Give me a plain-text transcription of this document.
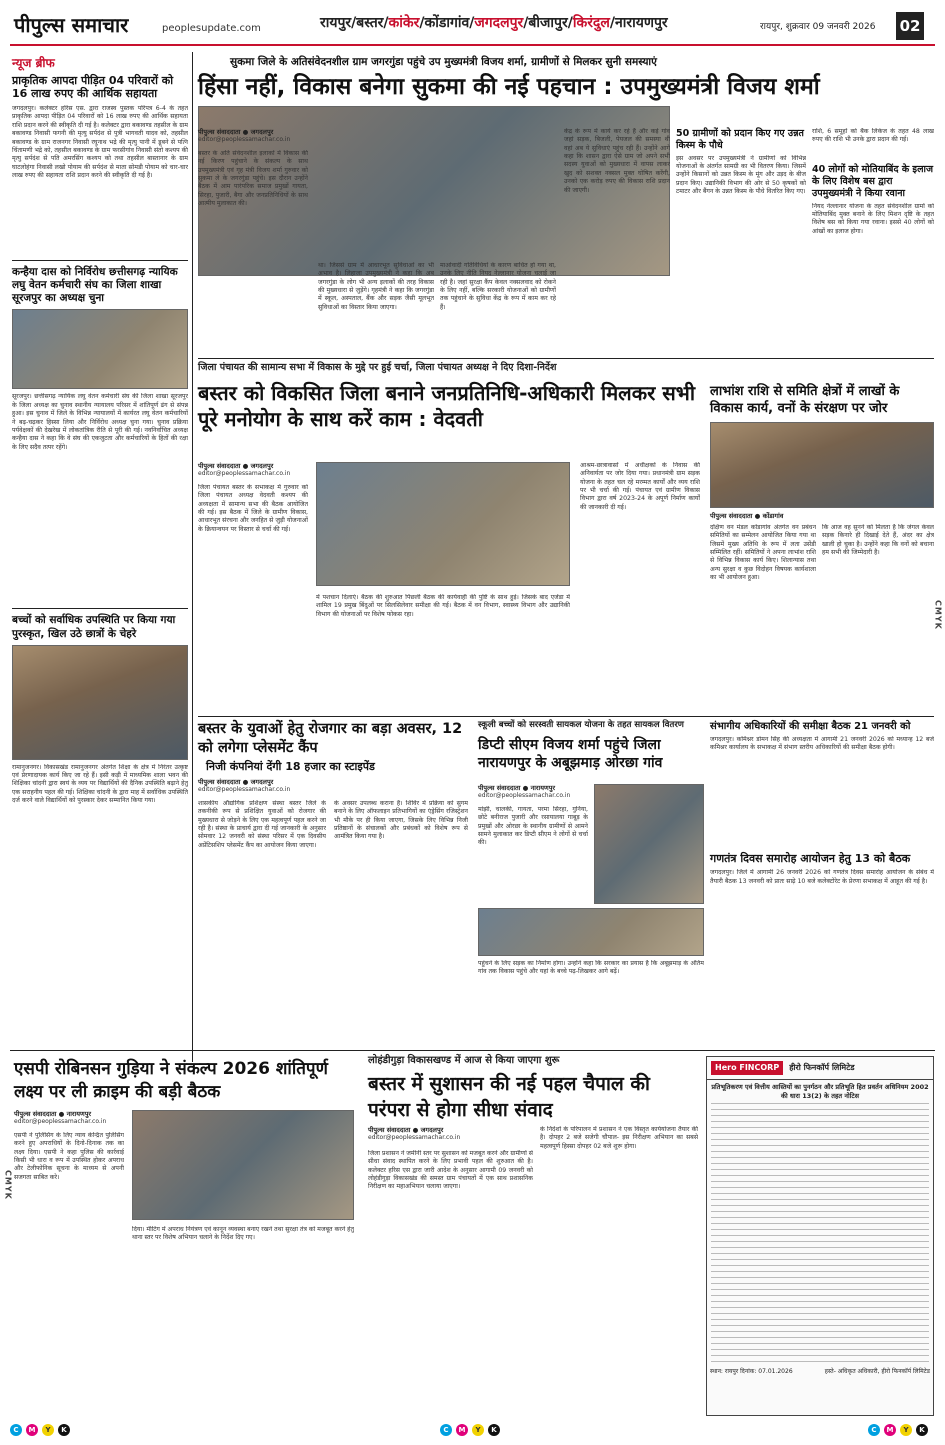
पीपुल्स समाचार	peoplesupdate.com	रायपुर/बस्तर/कांकेर/कोंडागांव/जगदलपुर/बीजापुर/किरंदुल/नारायणपुर	रायपुर, शुक्रवार 09 जनवरी 2026 02
न्यूज ब्रीफ
प्राकृतिक आपदा पीड़ित 04 परिवारों को 16 लाख रुपए की आर्थिक सहायता
जगदलपुर। कलेक्टर हरिस एस. द्वारा राजस्व पुस्तक परिपत्र 6-4 के तहत प्राकृतिक आपदा पीड़ित 04 परिवारों को 16 लाख रुपए की आर्थिक सहायता राशि प्रदान करने की स्वीकृति दी गई है। कलेक्टर द्वारा बकावण्ड तहसील के ग्राम बकावण्ड निवासी फगनी की मृत्यु सर्पदंश से पुत्री भागवती यादव को, तहसील बकावण्ड के ग्राम राजनगर निवासी रघुनाथ भद्रे की मृत्यु पानी में डूबने से पत्नि चिंतामणी भद्रे को, तहसील बकावण्ड के ग्राम फरसीगांव निवासी संतो कश्यप की मृत्यु सर्पदंश से पति अमरसिंग कश्यप को तथा तहसील बास्तानार के ग्राम घाटलोहंगा निवासी लखो पोयाम की सर्पदंश से माता सोमडी पोयाम को चार-चार लाख रुपए की सहायता राशि प्रदान करने की स्वीकृति दी गई है।
कन्हैया दास को निर्विरोध छत्तीसगढ़ न्यायिक लघु वेतन कर्मचारी संघ का जिला शाखा सूरजपुर का अध्यक्ष चुना
सूरजपुर। छत्तीसगढ़ न्यायिक लघु वेतन कर्मचारी संघ की जिला शाखा सूरजपुर के जिला अध्यक्ष का चुनाव स्थानीय न्यायालय परिसर में शांतिपूर्ण ढंग से संपन्न हुआ। इस चुनाव में जिले के विभिन्न न्यायालयों में कार्यरत लघु वेतन कर्मचारियों ने बढ़-चढ़कर हिस्सा लिया और निर्विरोध अध्यक्ष चुना गया। चुनाव प्रक्रिया पर्यवेक्षकों की देखरेख में लोकतांत्रिक रीति से पूरी की गई। नवनिर्वाचित अध्यक्ष कन्हैया दास ने कहा कि वे संघ की एकजुटता और कर्मचारियों के हितों की रक्षा के लिए सदैव तत्पर रहेंगे।
बच्चों को सर्वाधिक उपस्थिति पर किया गया पुरस्कृत, खिल उठे छात्रों के चेहरे
रामानुजनगर। विकासखंड रामानुजनगर अंतर्गत शिक्षा के क्षेत्र में निरंतर उत्कृष्ट एवं प्रेरणादायक कार्य किए जा रहे हैं। इसी कड़ी में माध्यमिक शाला भवन की शिक्षिका चांदनी द्वारा स्वयं के व्यय पर विद्यार्थियों की दैनिक उपस्थिति बढ़ाने हेतु एक सराहनीय पहल की गई। शिक्षिका चांदनी के द्वारा माह में सर्वाधिक उपस्थिति दर्ज करने वाले विद्यार्थियों को पुरस्कार देकर सम्मानित किया गया।
सुकमा जिले के अतिसंवेदनशील ग्राम जगरगुंडा पहुंचे उप मुख्यमंत्री विजय शर्मा, ग्रामीणों से मिलकर सुनी समस्याएं
हिंसा नहीं, विकास बनेगा सुकमा की नई पहचान : उपमुख्यमंत्री विजय शर्मा
पीपुल्स संवाददाता ● जगदलपुर
editor@peoplessamachar.co.in
बस्तर के अति संवेदनशील इलाकों में विकास की नई किरण पहुंचाने के संकल्प के साथ उपमुख्यमंत्री एवं गृह मंत्री विजय शर्मा गुरुवार को सुकमा ले के जगरगुंडा पहुंचे। इस दौरान उन्होंने बैठक में आम पारंपरिक समाज प्रमुखों गायता, सिरहा, पुजारी, बैगा और जनप्रतिनिधियों के साथ आत्मीय मुलाकात की।
था। जिससे ग्राम में आधारभूत सुविधाओं का भी अभाव है। लिहाजा उपमुख्यमंत्री ने कहा कि अब जगरगुंडा के लोग भी अन्य इलाकों की तरह विकास की मुख्यधारा से जुड़ेंगे। गृहमंत्री ने कहा कि जगरगुंडा में स्कूल, अस्पताल, बैंक और सड़क जैसी मूलभूत सुविधाओं का विस्तार किया जाएगा।
माओवादी गतिविधियों के कारण बाधित हो गया था, उनके लिए नीति नियद नेल्लानार योजना चलाई जा रही है। जहां सुरक्षा कैंप केवल नक्सलवाद को रोकने के लिए नहीं, बल्कि सरकारी योजनाओं को ग्रामीणों तक पहुंचाने के सुविधा केंद्र के रूप में काम कर रहे हैं।
केंद्र के रूप में कार्य कर रहे हैं और कई गांव जहां सड़क, बिजली, पेयजल की समस्या थी वहां अब ये सुविधाएं पहुंच रही हैं। उन्होंने आगे कहा कि शासन द्वारा ऐसे ग्राम जो अपने सभी सदस्य युवाओं को मुख्यधारा में वापस लाकर खुद को सशक्त नक्सल मुक्त घोषित करेंगी, उनको एक करोड़ रुपए की विकास राशि प्रदान की जाएगी।
50 ग्रामीणों को प्रदान किए गए उन्नत किस्म के पौधे
इस अवसर पर उपमुख्यमंत्री ने ग्रामीणों को विभिन्न योजनाओं के अंतर्गत सामग्री का भी वितरण किया। जिसमें उन्होंने किसानों को उन्नत किस्म के मूंग और उड़द के बीज प्रदान किए। उद्यानिकी विभाग की ओर से 50 कृषकों को टमाटर और बैंगन के उन्नत किस्म के पौधे वितरित किए गए।
राशि, 6 समूहों को बैंक लिंकेज के तहत 48 लाख रुपए की राशि भी उनके द्वारा प्रदान की गई।
40 लोगों को मोतियाबिंद के इलाज के लिए विशेष बस द्वारा उपमुख्यमंत्री ने किया रवाना
नियद नेल्लानार योजना के तहत संवेदनशील ग्रामों को मोतियाबिंद मुक्त बनाने के लिए मिशन दृष्टि के तहत विशेष बस को किया गया रवाना। इससे 40 लोगों को आंखों का इलाज होगा।
जिला पंचायत की सामान्य सभा में विकास के मुद्दे पर हुई चर्चा, जिला पंचायत अध्यक्ष ने दिए दिशा-निर्देश
बस्तर को विकसित जिला बनाने जनप्रतिनिधि-अधिकारी मिलकर सभी पूरे मनोयोग के साथ करें काम : वेदवती
पीपुल्स संवाददाता ● जगदलपुर
editor@peoplessamachar.co.in
जिला पंचायत बस्तर के सभाकक्ष में गुरुवार को जिला पंचायत अध्यक्ष वेदवती कश्यप की अध्यक्षता में सामान्य सभा की बैठक आयोजित की गई। इस बैठक में जिले के ग्रामीण विकास, आधारभूत संरचना और जनहित से जुड़ी योजनाओं के क्रियान्वयन पर विस्तार से चर्चा की गई।
में पशचान दिलाएं। बैठक की शुरुआत पिछली बैठक की कार्यवाही की पुष्टि के साथ हुई। जिसके बाद एजेंडा में शामिल 19 प्रमुख बिंदुओं पर सिलसिलेवार समीक्षा की गई। बैठक में वन विभाग, स्वास्थ्य विभाग और उद्यानिकी विभाग की योजनाओं पर विशेष फोकस रहा।
आश्रम-छात्रावासों में अधीक्षकों के निवास की अनिवार्यता पर जोर दिया गया। प्रधानमंत्री ग्राम सड़क योजना के तहत चल रहे मरम्मत कार्यों और व्यय राशि पर भी चर्चा की गई। पंचायत एवं ग्रामीण विकास विभाग द्वारा वर्ष 2023-24 के अपूर्ण निर्माण कार्यों की जानकारी दी गई।
लाभांश राशि से समिति क्षेत्रों में लाखों के विकास कार्य, वनों के संरक्षण पर जोर
पीपुल्स संवाददाता ● कोंडागांव
दक्षिण वन मंडल कोंडागांव अंतर्गत वन प्रबंधन समितियों का सम्मेलन आयोजित किया गया था जिसमें मुख्य अतिथि के रूप में लता उसेंडी सम्मिलित रहीं। समितियों ने अपना लाभांश राशि से विभिन्न विकास कार्य किए। शिलान्यास तथा अन्य सुरक्षा व कुछ विदोहन विषयक कार्यशाला का भी आयोजन हुआ।
कि आज वह सुनने को मिलता है कि जंगल केवल सड़क किनारे ही दिखाई देते हैं, अंदर का क्षेत्र खाली हो चुका है। उन्होंने कहा कि वनों को बचाना हम सभी की जिम्मेदारी है।
बस्तर के युवाओं हेतु रोजगार का बड़ा अवसर, 12 को लगेगा प्लेसमेंट कैंप
निजी कंपनियां देंगी 18 हजार का स्टाइपेंड
पीपुल्स संवाददाता ● जगदलपुर
editor@peoplessamachar.co.in
शासकीय औद्योगिक प्रशिक्षण संस्था बस्तर जिले के तकनीकी रूप से प्रशिक्षित युवाओं को रोजगार की मुख्यधारा से जोड़ने के लिए एक महत्वपूर्ण पहल करने जा रही है। संस्था के प्राचार्य द्वारा दी गई जानकारी के अनुसार सोमवार 12 जनवरी को संस्था परिसर में एक दिवसीय अप्रेंटिसशिप प्लेसमेंट कैंप का आयोजन किया जाएगा।
के अवसर उपलब्ध कराना है। शिविर में प्रक्रिया को सुगम बनाने के लिए ऑफलाइन प्रतिभागियों का एंड्रेसिंग रजिस्ट्रेशन भी मौके पर ही किया जाएगा, जिसके लिए विभिन्न निजी प्रतिष्ठानों के संचालकों और प्रबंधकों को विशेष रूप से आमंत्रित किया गया है।
स्कूली बच्चों को सरस्वती सायकल योजना के तहत सायकल वितरण
डिप्टी सीएम विजय शर्मा पहुंचे जिला नारायणपुर के अबूझमाड़ ओरछा गांव
पीपुल्स संवाददाता ● नारायणपुर
editor@peoplessamachar.co.in
मांझी, चालकी, गायता, परमा सिरहा, गुनिया, छोटे बनीराज पुजारी और रसायालया गाबूड़ के प्रमुखों और ओरछा के स्थानीय ग्रामीणों से आमने सामने मुलाकात कर डिप्टी सीएम ने लोगों से चर्चा की।
पहुंचने के लिए सड़क का निर्माण होगा। उन्होंने कहा कि सरकार का प्रयास है कि अबूझमाड़ के अंतिम गांव तक विकास पहुंचे और यहां के बच्चे पढ़-लिखकर आगे बढ़ें।
संभागीय अधिकारियों की समीक्षा बैठक 21 जनवरी को
जगदलपुर। कमिश्नर डोमन सिंह की अध्यक्षता में आगामी 21 जनवरी 2026 को मध्यान्ह 12 बजे कमिश्नर कार्यालय के सभाकक्ष में संभाग स्तरीय अधिकारियों की समीक्षा बैठक होगी।
गणतंत्र दिवस समारोह आयोजन हेतु 13 को बैठक
जगदलपुर। जिले में आगामी 26 जनवरी 2026 को गणतंत्र दिवस समारोह आयोजन के संबंध में तैयारी बैठक 13 जनवरी को प्रातः साढ़े 10 बजे कलेक्टोरेट के प्रेरणा सभाकक्ष में आहूत की गई है।
एसपी रोबिनसन गुड़िया ने संकल्प 2026 शांतिपूर्ण लक्ष्य पर ली क्राइम की बड़ी बैठक
पीपुल्स संवाददाता ● नारायणपुर
editor@peoplessamachar.co.in
एसपी ने पुलिसिंग के लिए न्याय केन्द्रित पुलिसिंग करने हुए अपराधियों के दिनो-दिनाक तक का लक्ष्य दिया। एसपी ने कहा पुलिस की कार्रवाई किसी भी धारा व रूप में उपस्थित होकर अपराध और टेलीफोनिक सूचना के माध्यम से अपनी सजगता साबित करे।
दिया। मीटिंग में अपराध नियंत्रण एवं कानून व्यवस्था बनाए रखने तथा सुरक्षा तंत्र को मजबूत करने हेतु थाना स्तर पर विशेष अभियान चलाने के निर्देश दिए गए।
लोहंडीगुड़ा विकासखण्ड में आज से किया जाएगा शुरू
बस्तर में सुशासन की नई पहल चैपाल की परंपरा से होगा सीधा संवाद
पीपुल्स संवाददाता ● जगदलपुर
editor@peoplessamachar.co.in
जिला प्रशासन ने जमीनी स्तर पर सुशासन को मजबूत करने और ग्रामीणों से सीधा संवाद स्थापित करने के लिए प्रभावी पहल की शुरुआत की है। कलेक्टर हरिस एस द्वारा जारी आदेश के अनुसार आगामी 09 जनवरी को लोहंडीगुड़ा विकासखंड की समस्त ग्राम पंचायतों में एक साथ प्रशासनिक निरीक्षण का महाअभियान चलाया जाएगा।
के निर्देशों के परिपालन में प्रशासन ने एक विस्तृत कार्ययोजना तैयार की है। दोपहर 2 बजे सजेगी चौपाल- इस निरीक्षण अभियान का सबसे महत्वपूर्ण हिस्सा दोपहर 02 बजे शुरू होगा।
Hero FINCORP	हीरो फिनकॉर्प लिमिटेड
प्रतिभूतिकरण एवं वित्तीय आस्तियों का पुनर्गठन और प्रतिभूति हित प्रवर्तन अधिनियम 2002 की धारा 13(2) के तहत नोटिस
स्थान: रायपुर दिनांक: 07.01.2026	हस्ते- अधिकृत अधिकारी, हीरो फिनकॉर्प लिमिटेड
CMYK
CMYK
C	M	Y	K	C	M	Y	K	C	M	Y	K
